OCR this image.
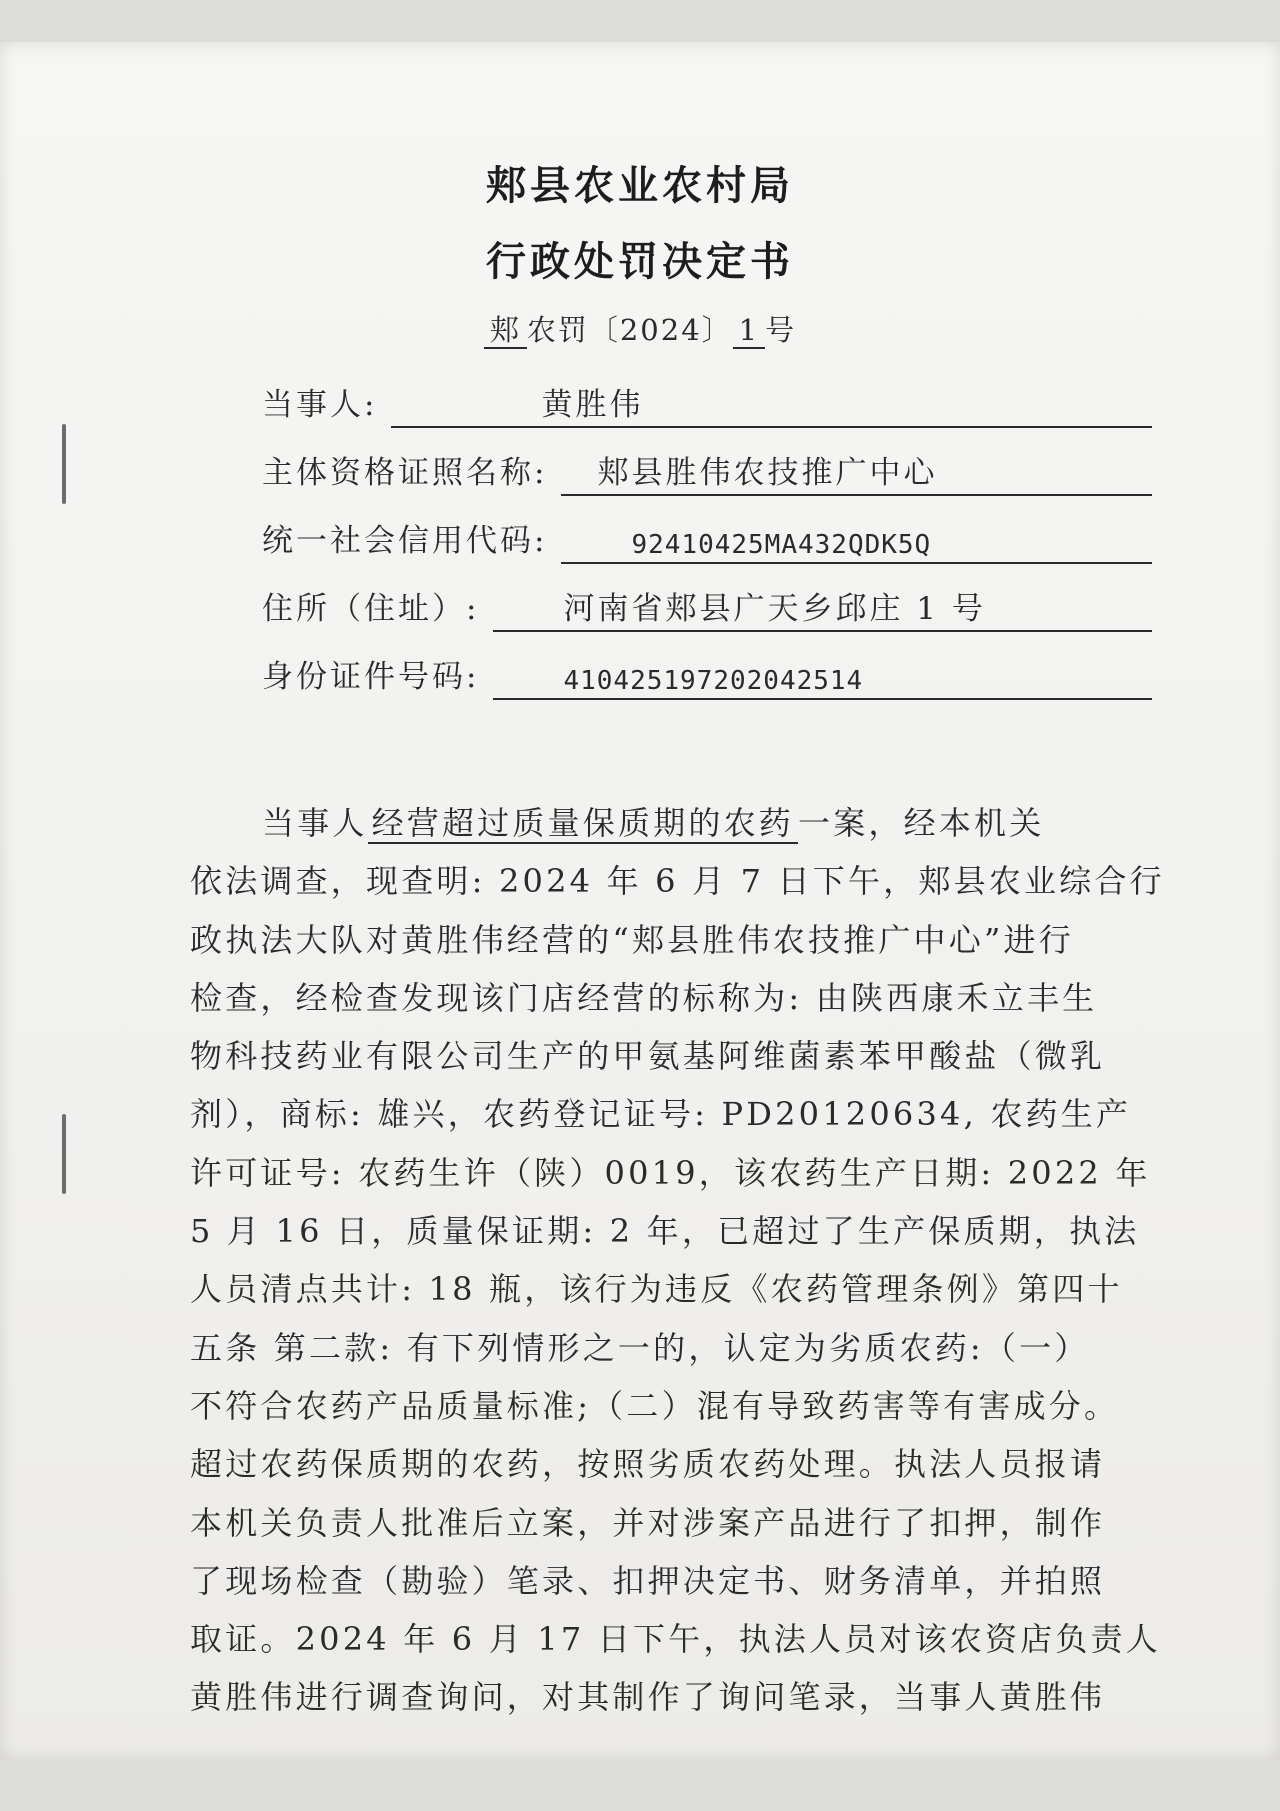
郏县农业农村局
行政处罚决定书
郏 农罚〔2024〕 1 号
当事人:	黄胜伟
主体资格证照名称: 郏县胜伟农技推广中心
统一社会信用代码:	92410425MA432QDK5Q
住所（住址）:	河南省郏县广天乡邱庄 1 号
身份证件号码:	410425197202042514
当事人 经营超过质量保质期的农药 一案，经本机关
依法调查，现查明: 2024 年 6 月 7 日下午，郏县农业综合行
政执法大队对黄胜伟经营的“郏县胜伟农技推广中心”进行
检查，经检查发现该门店经营的标称为: 由陕西康禾立丰生
物科技药业有限公司生产的甲氨基阿维菌素苯甲酸盐（微乳
剂），商标: 雄兴，农药登记证号: PD20120634, 农药生产
许可证号: 农药生许（陕）0019，该农药生产日期: 2022 年
5 月 16 日，质量保证期: 2 年，已超过了生产保质期，执法
人员清点共计: 18 瓶，该行为违反《农药管理条例》第四十
五条 第二款: 有下列情形之一的，认定为劣质农药:（一）
不符合农药产品质量标准;（二）混有导致药害等有害成分。
超过农药保质期的农药，按照劣质农药处理。执法人员报请
本机关负责人批准后立案，并对涉案产品进行了扣押，制作
了现场检查（勘验）笔录、扣押决定书、财务清单，并拍照
取证。2024 年 6 月 17 日下午，执法人员对该农资店负责人
黄胜伟进行调查询问，对其制作了询问笔录，当事人黄胜伟
